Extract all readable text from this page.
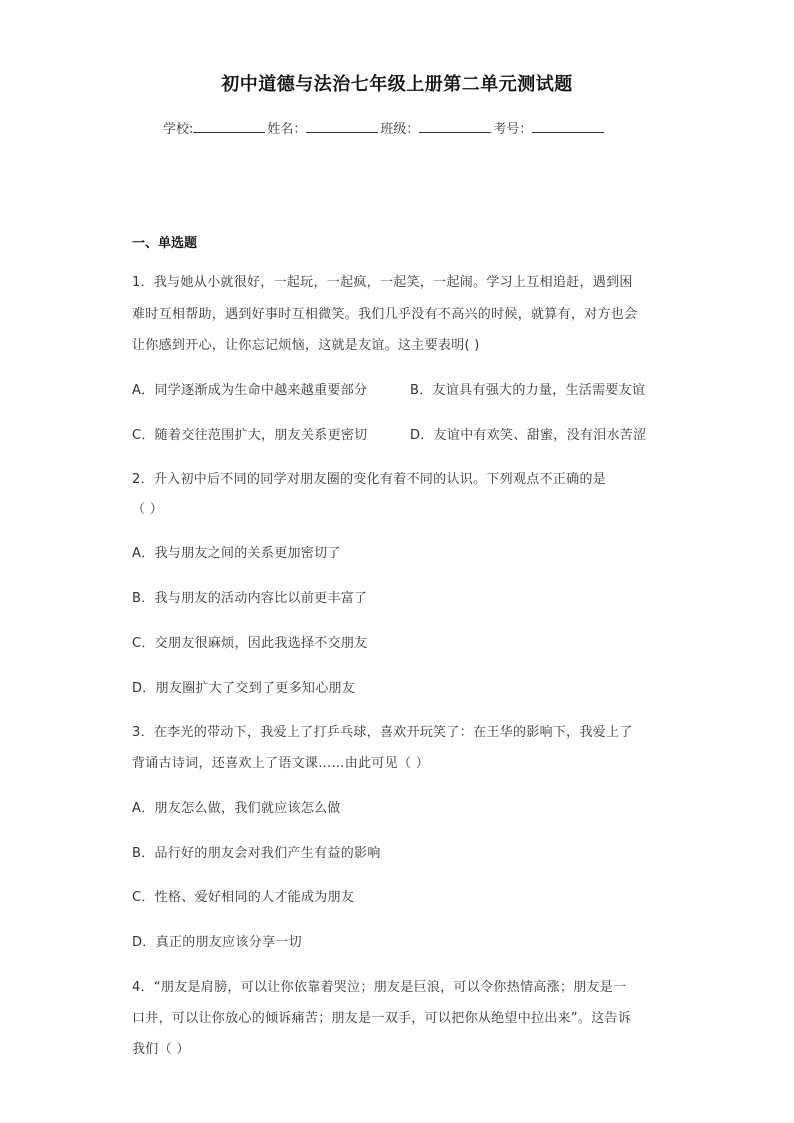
初中道德与法治七年级上册第二单元测试题
学校:	姓名：	班级：	考号：
一、单选题
1．我与她从小就很好，一起玩，一起疯，一起笑，一起闹。学习上互相追赶，遇到困
难时互相帮助，遇到好事时互相微笑。我们几乎没有不高兴的时候，就算有，对方也会
让你感到开心，让你忘记烦恼，这就是友谊。这主要表明( )
A．同学逐渐成为生命中越来越重要部分	B．友谊具有强大的力量，生活需要友谊
C．随着交往范围扩大，朋友关系更密切	D．友谊中有欢笑、甜蜜，没有泪水苦涩
2．升入初中后不同的同学对朋友圈的变化有着不同的认识。下列观点不正确的是
（ ）
A．我与朋友之间的关系更加密切了
B．我与朋友的活动内容比以前更丰富了
C．交朋友很麻烦，因此我选择不交朋友
D．朋友圈扩大了交到了更多知心朋友
3．在李光的带动下，我爱上了打乒乓球，喜欢开玩笑了：在王华的影响下，我爱上了
背诵古诗词，还喜欢上了语文课……由此可见（ ）
A．朋友怎么做，我们就应该怎么做
B．品行好的朋友会对我们产生有益的影响
C．性格、爱好相同的人才能成为朋友
D．真正的朋友应该分享一切
4．“朋友是肩膀，可以让你依靠着哭泣；朋友是巨浪，可以令你热情高涨；朋友是一
口井，可以让你放心的倾诉痛苦；朋友是一双手，可以把你从绝望中拉出来”。这告诉
我们（ ）
